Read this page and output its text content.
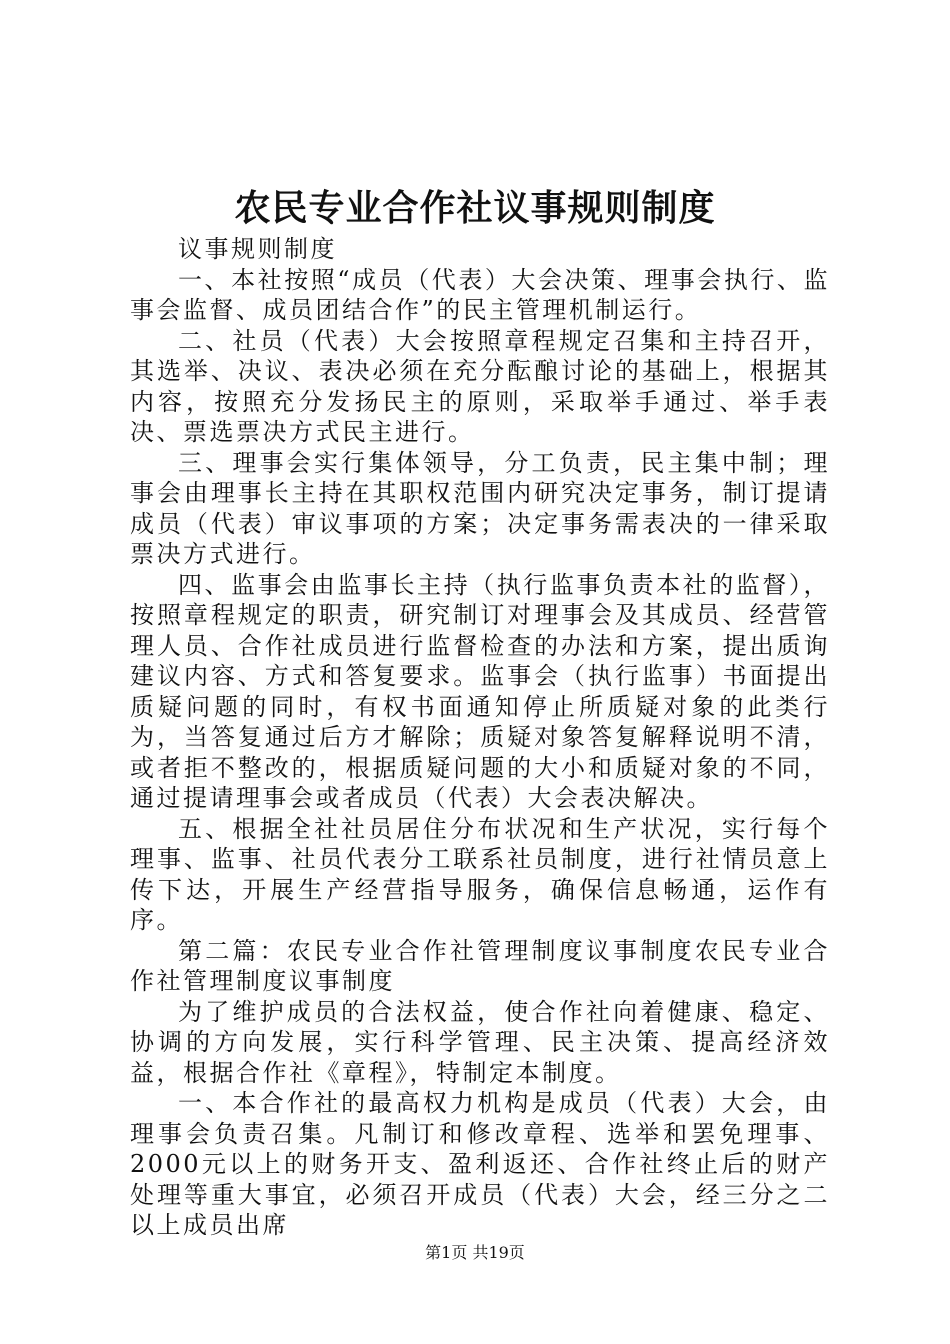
农民专业合作社议事规则制度

议事规则制度

一、本社按照“成员（代表）大会决策、理事会执行、监事会监督、成员团结合作”的民主管理机制运行。

二、社员（代表）大会按照章程规定召集和主持召开，其选举、决议、表决必须在充分酝酿讨论的基础上，根据其内容，按照充分发扬民主的原则，采取举手通过、举手表决、票选票决方式民主进行。

三、理事会实行集体领导，分工负责，民主集中制；理事会由理事长主持在其职权范围内研究决定事务，制订提请成员（代表）审议事项的方案；决定事务需表决的一律采取票决方式进行。

四、监事会由监事长主持（执行监事负责本社的监督），按照章程规定的职责，研究制订对理事会及其成员、经营管理人员、合作社成员进行监督检查的办法和方案，提出质询建议内容、方式和答复要求。监事会（执行监事）书面提出质疑问题的同时，有权书面通知停止所质疑对象的此类行为，当答复通过后方才解除；质疑对象答复解释说明不清，或者拒不整改的，根据质疑问题的大小和质疑对象的不同，通过提请理事会或者成员（代表）大会表决解决。

五、根据全社社员居住分布状况和生产状况，实行每个理事、监事、社员代表分工联系社员制度，进行社情员意上传下达，开展生产经营指导服务，确保信息畅通，运作有序。

第二篇：农民专业合作社管理制度议事制度农民专业合作社管理制度议事制度

为了维护成员的合法权益，使合作社向着健康、稳定、协调的方向发展，实行科学管理、民主决策、提高经济效益，根据合作社《章程》，特制定本制度。

一、本合作社的最高权力机构是成员（代表）大会，由理事会负责召集。凡制订和修改章程、选举和罢免理事、2000元以上的财务开支、盈利返还、合作社终止后的财产处理等重大事宜，必须召开成员（代表）大会，经三分之二以上成员出席

第1页 共19页
